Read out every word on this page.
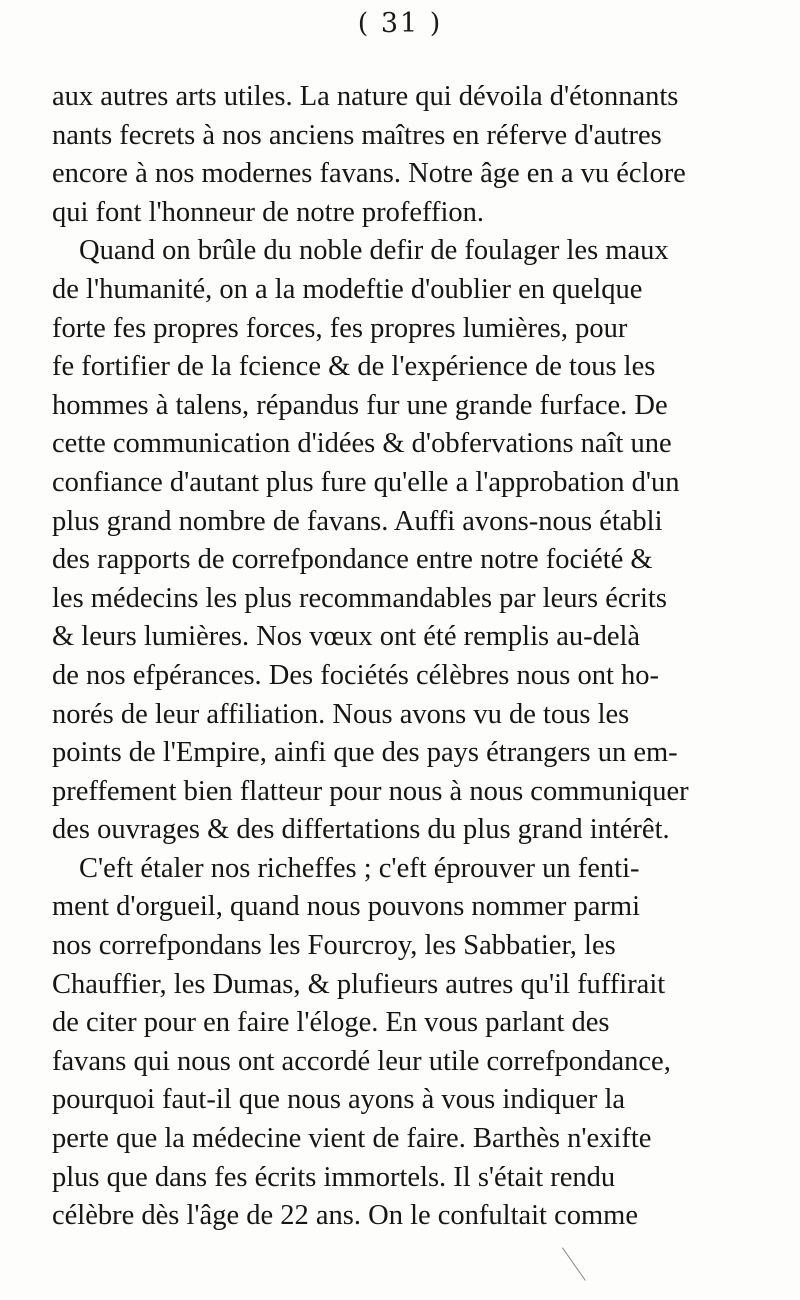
( 31 )
aux autres arts utiles. La nature qui dévoila d'étonnants
nants fecrets à nos anciens maîtres en réferve d'autres
encore à nos modernes favans. Notre âge en a vu éclore
qui font l'honneur de notre profeffion.
Quand on brûle du noble defir de foulager les maux
de l'humanité, on a la modeftie d'oublier en quelque
forte fes propres forces, fes propres lumières, pour
fe fortifier de la fcience & de l'expérience de tous les
hommes à talens, répandus fur une grande furface. De
cette communication d'idées & d'obfervations naît une
confiance d'autant plus fure qu'elle a l'approbation d'un
plus grand nombre de favans. Auffi avons-nous établi
des rapports de correfpondance entre notre fociété &
les médecins les plus recommandables par leurs écrits
& leurs lumières. Nos vœux ont été remplis au-delà
de nos efpérances. Des fociétés célèbres nous ont ho-
norés de leur affiliation. Nous avons vu de tous les
points de l'Empire, ainfi que des pays étrangers un em-
preffement bien flatteur pour nous à nous communiquer
des ouvrages & des differtations du plus grand intérêt.
C'eft étaler nos richeffes ; c'eft éprouver un fenti-
ment d'orgueil, quand nous pouvons nommer parmi
nos correfpondans les Fourcroy, les Sabbatier, les
Chauffier, les Dumas, & plufieurs autres qu'il fuffirait
de citer pour en faire l'éloge. En vous parlant des
favans qui nous ont accordé leur utile correfpondance,
pourquoi faut-il que nous ayons à vous indiquer la
perte que la médecine vient de faire. Barthès n'exifte
plus que dans fes écrits immortels. Il s'était rendu
célèbre dès l'âge de 22 ans. On le confultait comme
